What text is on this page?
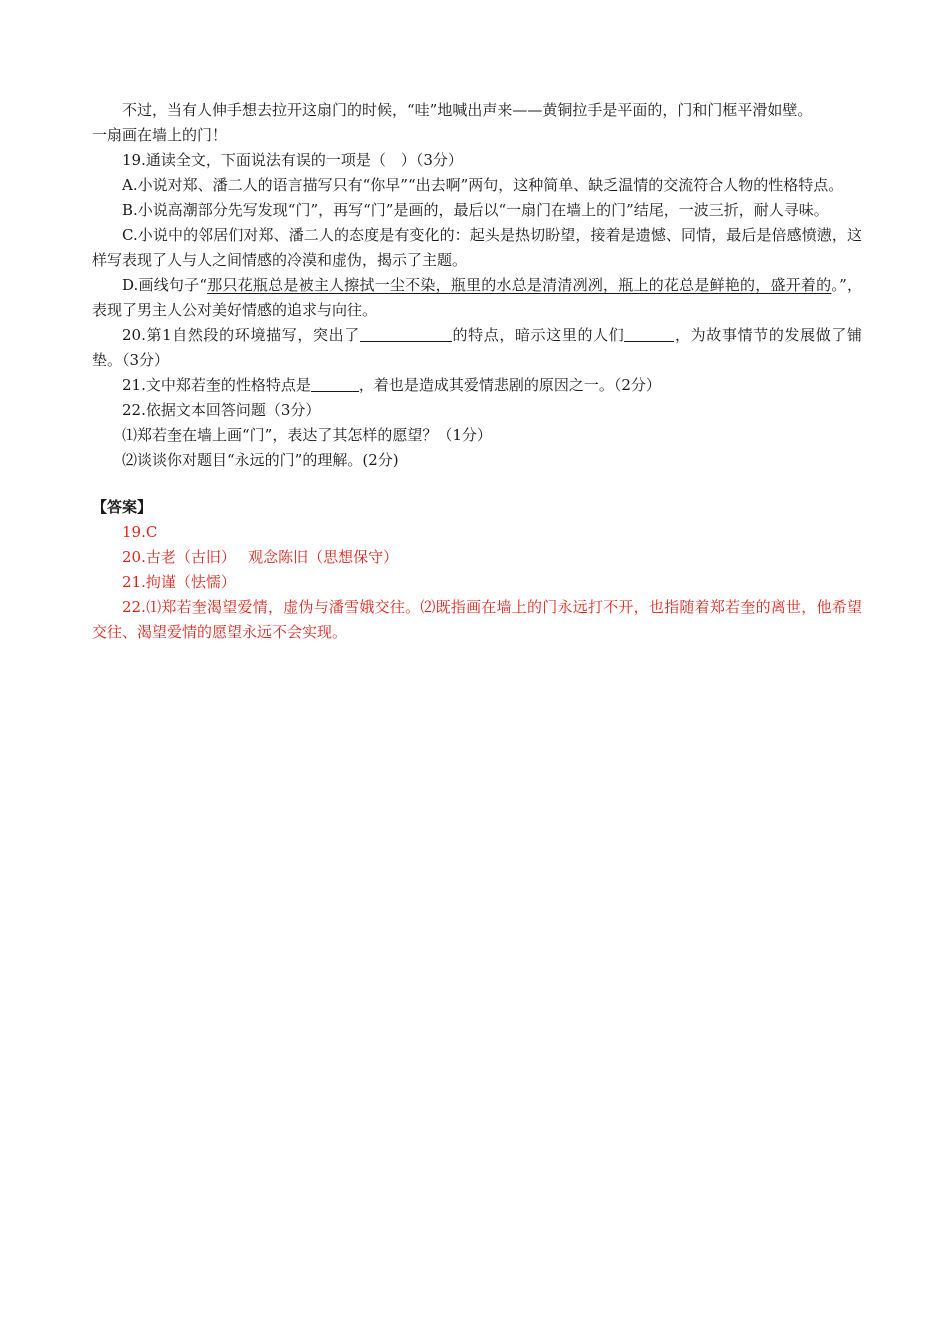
不过，当有人伸手想去拉开这扇门的时候，“哇”地喊出声来——黄铜拉手是平面的，门和门框平滑如壁。

一扇画在墙上的门！

19.通读全文，下面说法有误的一项是（　）（3分）

A.小说对郑、潘二人的语言描写只有“你早”“出去啊”两句，这种简单、缺乏温情的交流符合人物的性格特点。

B.小说高潮部分先写发现“门”，再写“门”是画的，最后以“一扇门在墙上的门”结尾，一波三折，耐人寻味。

C.小说中的邻居们对郑、潘二人的态度是有变化的：起头是热切盼望，接着是遗憾、同情，最后是倍感愤懑，这样写表现了人与人之间情感的冷漠和虚伪，揭示了主题。

D.画线句子“那只花瓶总是被主人擦拭一尘不染，瓶里的水总是清清冽冽，瓶上的花总是鲜艳的，盛开着的。”，表现了男主人公对美好情感的追求与向往。

20.第1自然段的环境描写，突出了	的特点，暗示这里的人们	，为故事情节的发展做了铺垫。（3分）

21.文中郑若奎的性格特点是	，着也是造成其爱情悲剧的原因之一。（2分）

22.依据文本回答问题（3分）

⑴郑若奎在墙上画“门”，表达了其怎样的愿望？（1分）

⑵谈谈你对题目“永远的门”的理解。(2分)

【答案】

19.C

20.古老（古旧）　 观念陈旧（思想保守）

21.拘谨（怯懦）

22.⑴郑若奎渴望爱情，虚伪与潘雪娥交往。⑵既指画在墙上的门永远打不开，也指随着郑若奎的离世，他希望交往、渴望爱情的愿望永远不会实现。
